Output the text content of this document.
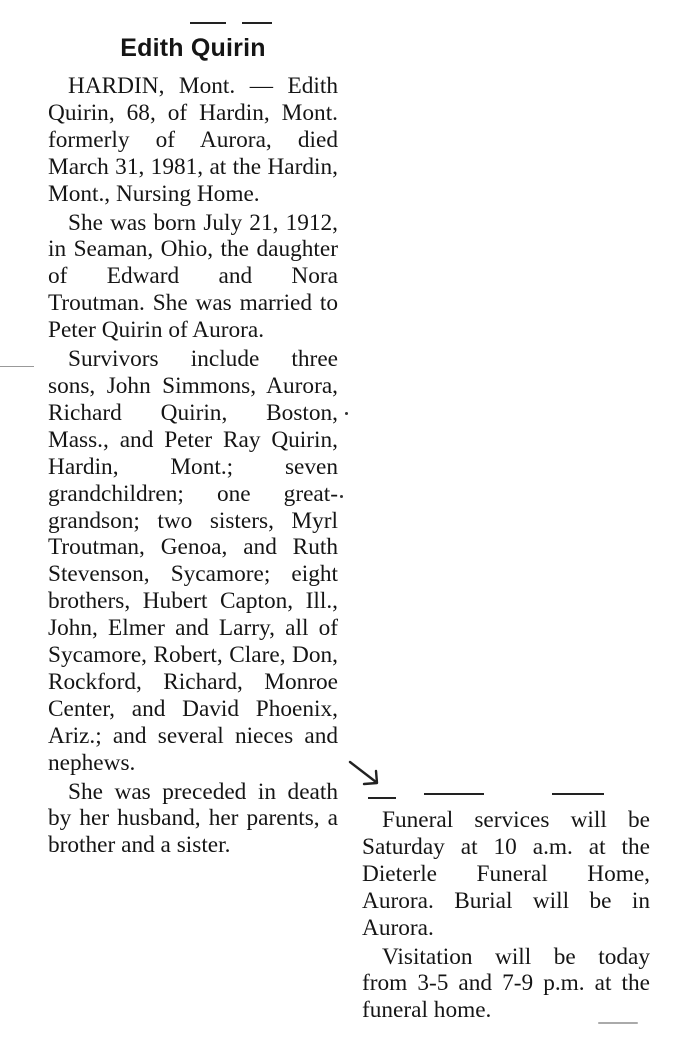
Edith Quirin

HARDIN, Mont. — Edith Quirin, 68, of Hardin, Mont. formerly of Aurora, died March 31, 1981, at the Hardin, Mont., Nursing Home.

She was born July 21, 1912, in Seaman, Ohio, the daughter of Edward and Nora Troutman. She was married to Peter Quirin of Aurora.

Survivors include three sons, John Simmons, Aurora, Richard Quirin, Boston, Mass., and Peter Ray Quirin, Hardin, Mont.; seven grandchildren; one great-grandson; two sisters, Myrl Troutman, Genoa, and Ruth Stevenson, Sycamore; eight brothers, Hubert Capton, Ill., John, Elmer and Larry, all of Sycamore, Robert, Clare, Don, Rockford, Richard, Monroe Center, and David Phoenix, Ariz.; and several nieces and nephews.

She was preceded in death by her husband, her parents, a brother and a sister.

Funeral services will be Saturday at 10 a.m. at the Dieterle Funeral Home, Aurora. Burial will be in Aurora.

Visitation will be today from 3-5 and 7-9 p.m. at the funeral home.
